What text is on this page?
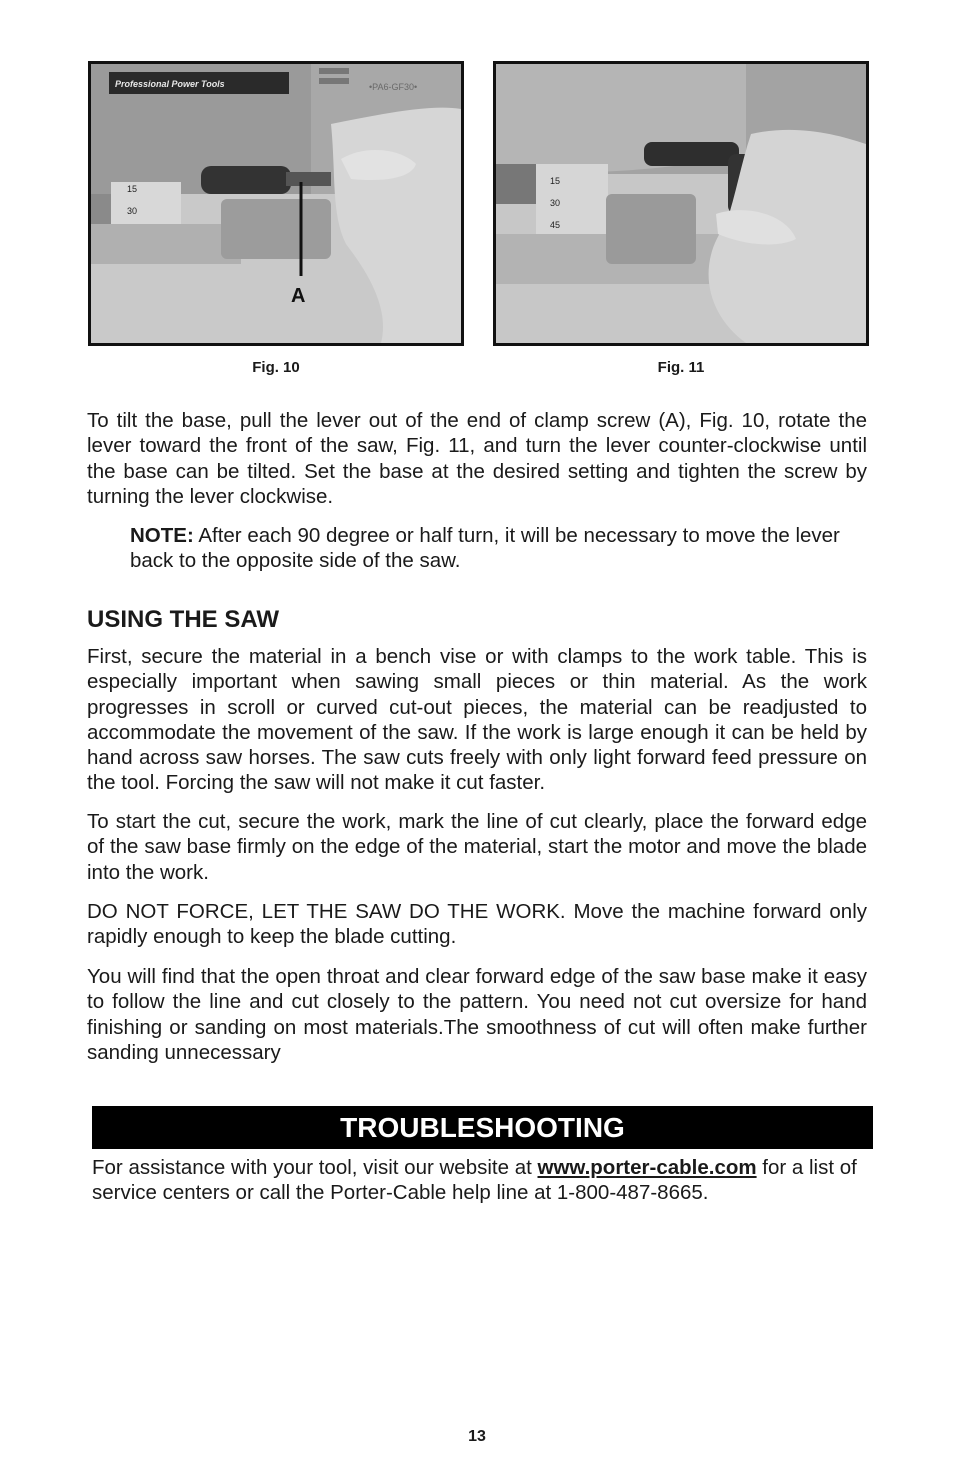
Professional Power Tools	•PA6-GF30•
15
30
A
Fig. 10
15
30
45
Fig. 11

To tilt the base, pull the lever out of the end of clamp screw (A), Fig. 10, rotate the lever toward the front of the saw, Fig. 11, and turn the lever counter-clockwise until the base can be tilted. Set the base at the desired setting and tighten the screw by turning the lever clockwise.

NOTE: After each 90 degree or half turn, it will be necessary to move the lever back to the opposite side of the saw.

USING THE SAW

First, secure the material in a bench vise or with clamps to the work table. This is especially important when sawing small pieces or thin material. As the work progresses in scroll or curved cut-out pieces, the material can be readjusted to accommodate the movement of the saw. If the work is large enough it can be held by hand across saw horses. The saw cuts freely with only light forward feed pressure on the tool. Forcing the saw will not make it cut faster.

To start the cut, secure the work, mark the line of cut clearly, place the forward edge of the saw base firmly on the edge of the material, start the motor and move the blade into the work.

DO NOT FORCE, LET THE SAW DO THE WORK. Move the machine forward only rapidly enough to keep the blade cutting.

You will find that the open throat and clear forward edge of the saw base make it easy to follow the line and cut closely to the pattern. You need not cut oversize for hand finishing or sanding on most materials.The smoothness of cut will often make further sanding unnecessary

TROUBLESHOOTING

For assistance with your tool, visit our website at www.porter-cable.com for a list of service centers or call the Porter-Cable help line at 1-800-487-8665.

13
